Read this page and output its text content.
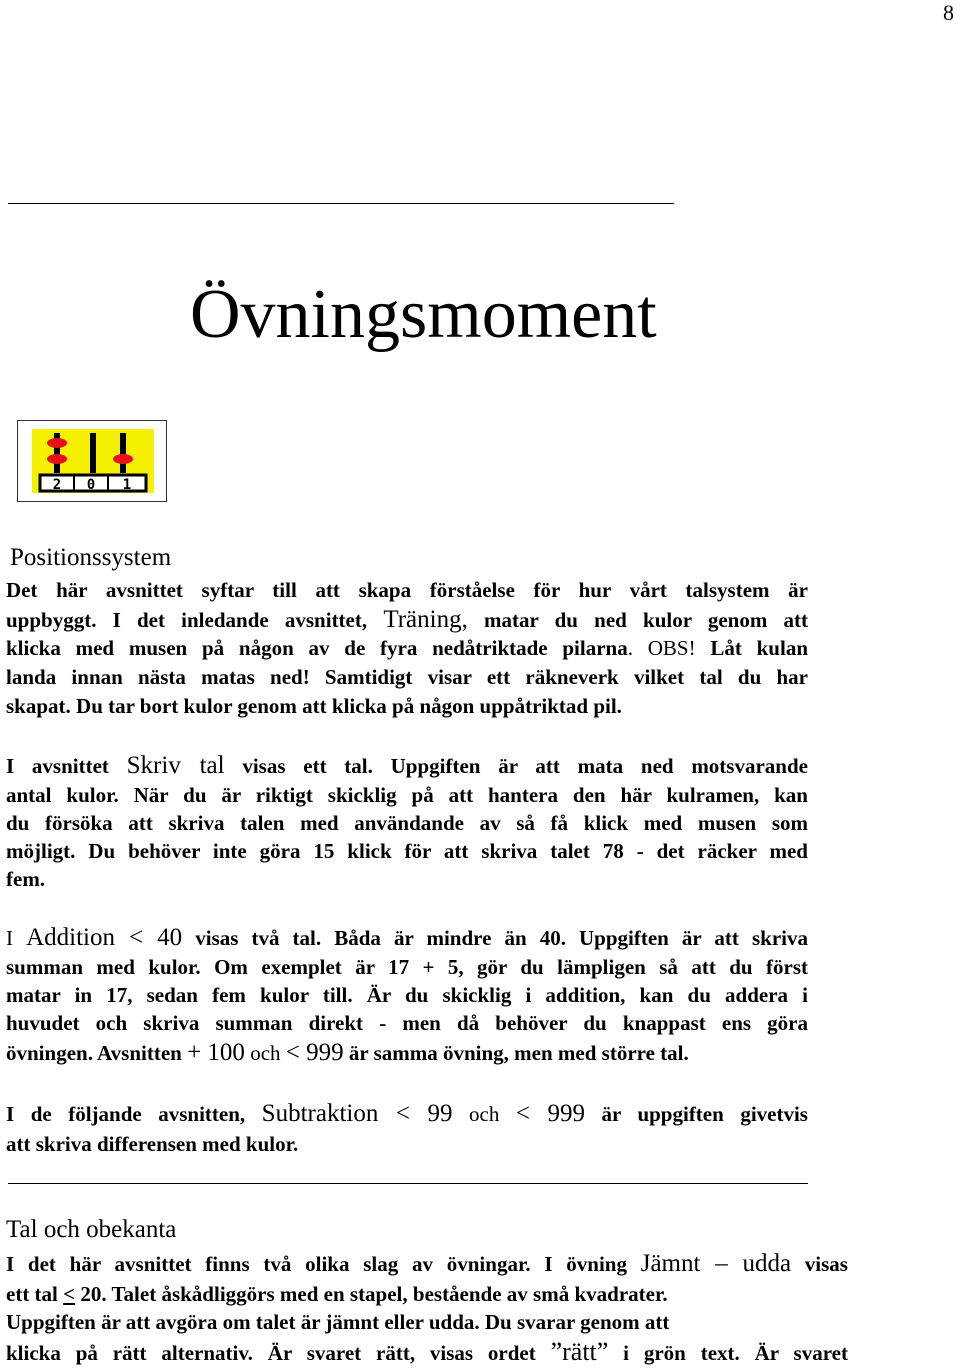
8
Övningsmoment
2 0 1
Positionssystem
Det här avsnittet syftar till att skapa förståelse för hur vårt talsystem är
uppbyggt. I det inledande avsnittet, Träning, matar du ned kulor genom att
klicka med musen på någon av de fyra nedåtriktade pilarna. OBS! Låt kulan
landa innan nästa matas ned! Samtidigt visar ett räkneverk vilket tal du har
skapat. Du tar bort kulor genom att klicka på någon uppåtriktad pil.
I avsnittet Skriv tal visas ett tal. Uppgiften är att mata ned motsvarande
antal kulor. När du är riktigt skicklig på att hantera den här kulramen, kan
du försöka att skriva talen med användande av så få klick med musen som
möjligt. Du behöver inte göra 15 klick för att skriva talet 78 - det räcker med
fem.
I Addition < 40 visas två tal. Båda är mindre än 40. Uppgiften är att skriva
summan med kulor. Om exemplet är 17 + 5, gör du lämpligen så att du först
matar in 17, sedan fem kulor till. Är du skicklig i addition, kan du addera i
huvudet och skriva summan direkt - men då behöver du knappast ens göra
övningen. Avsnitten + 100 och < 999 är samma övning, men med större tal.
I de följande avsnitten, Subtraktion < 99 och < 999 är uppgiften givetvis
att skriva differensen med kulor.
Tal och obekanta
I det här avsnittet finns två olika slag av övningar. I övning Jämnt – udda visas
ett tal < 20. Talet åskådliggörs med en stapel, bestående av små kvadrater.
Uppgiften är att avgöra om talet är jämnt eller udda. Du svarar genom att
klicka på rätt alternativ. Är svaret rätt, visas ordet ”rätt” i grön text. Är svaret
